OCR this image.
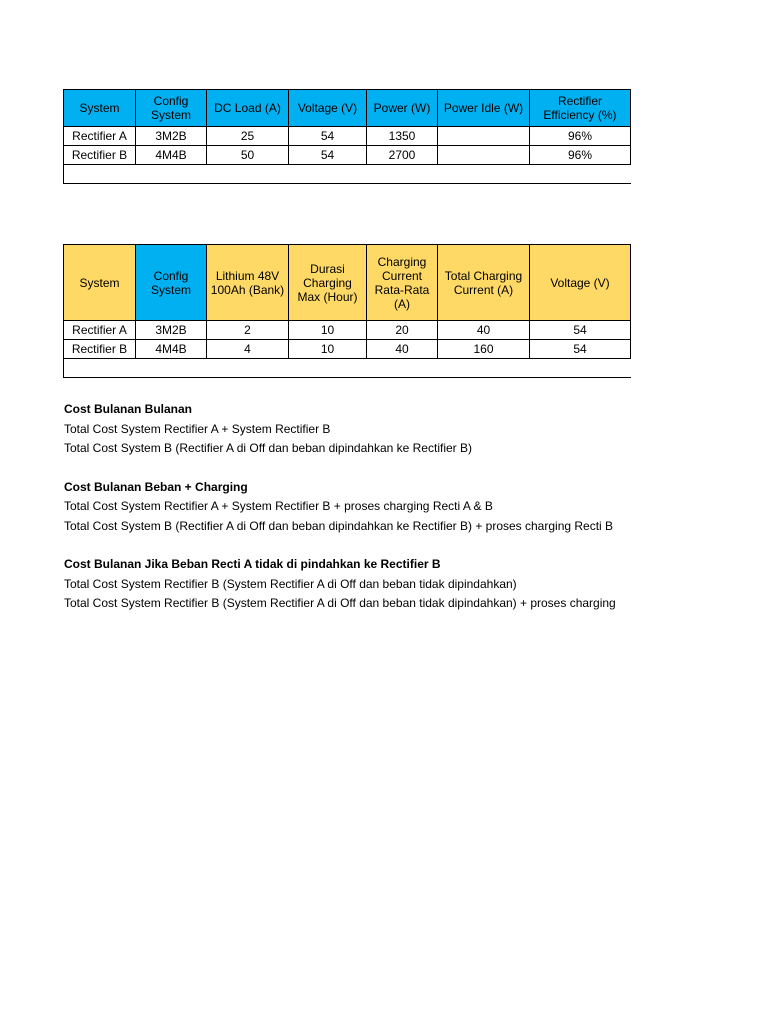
System	Config System	DC Load (A)	Voltage (V)	Power (W)	Power Idle (W)	Rectifier Efficiency (%)
Rectifier A	3M2B	25	54	1350		96%
Rectifier B	4M4B	50	54	2700		96%

System	Config System	Lithium 48V 100Ah (Bank)	Durasi Charging Max (Hour)	Charging Current Rata-Rata (A)	Total Charging Current (A)	Voltage (V)
Rectifier A	3M2B	2	10	20	40	54
Rectifier B	4M4B	4	10	40	160	54

Cost Bulanan Bulanan
Total Cost System Rectifier A + System Rectifier B
Total Cost System B (Rectifier A di Off dan beban dipindahkan ke Rectifier B)
Cost Bulanan Beban + Charging
Total Cost System Rectifier A + System Rectifier B + proses charging Recti A & B
Total Cost System B (Rectifier A di Off dan beban dipindahkan ke Rectifier B) + proses charging Recti B
Cost Bulanan Jika Beban Recti A tidak di pindahkan ke Rectifier B
Total Cost System Rectifier B (System Rectifier A di Off dan beban tidak dipindahkan)
Total Cost System Rectifier B (System Rectifier A di Off dan beban tidak dipindahkan) + proses charging
